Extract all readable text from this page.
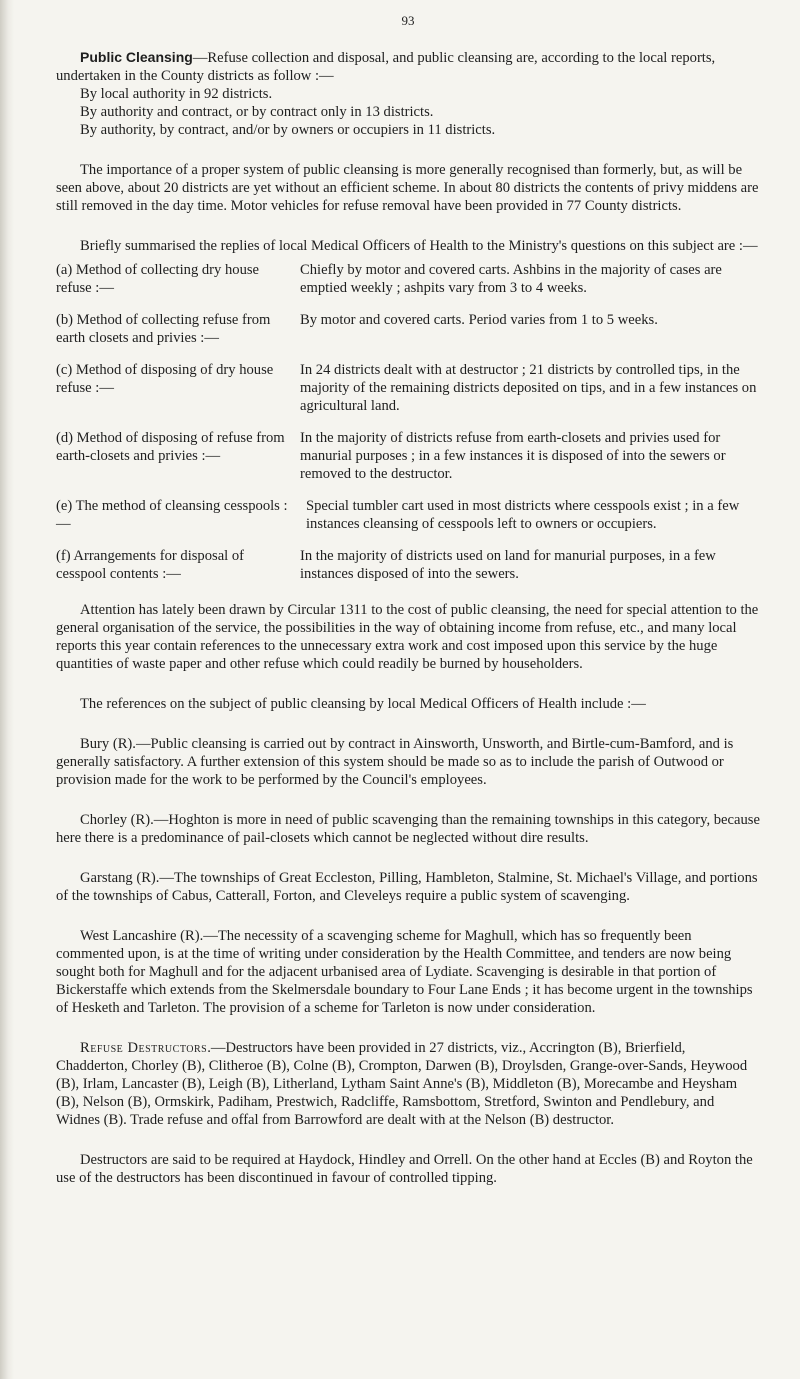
93

Public Cleansing—Refuse collection and disposal, and public cleansing are, according to the local reports, undertaken in the County districts as follow :—

By local authority in 92 districts.
By authority and contract, or by contract only in 13 districts.
By authority, by contract, and/or by owners or occupiers in 11 districts.

The importance of a proper system of public cleansing is more generally recognised than formerly, but, as will be seen above, about 20 districts are yet without an efficient scheme. In about 80 districts the contents of privy middens are still removed in the day time. Motor vehicles for refuse removal have been provided in 77 County districts.

Briefly summarised the replies of local Medical Officers of Health to the Ministry's questions on this subject are :—

(a) Method of collecting dry house refuse :—
Chiefly by motor and covered carts. Ashbins in the majority of cases are emptied weekly ; ashpits vary from 3 to 4 weeks.
(b) Method of collecting refuse from earth closets and privies :—
By motor and covered carts. Period varies from 1 to 5 weeks.
(c) Method of disposing of dry house refuse :—
In 24 districts dealt with at destructor ; 21 districts by controlled tips, in the majority of the remaining districts deposited on tips, and in a few instances on agricultural land.
(d) Method of disposing of refuse from earth-closets and privies :—
In the majority of districts refuse from earth-closets and privies used for manurial purposes ; in a few instances it is disposed of into the sewers or removed to the destructor.
(e) The method of cleansing cesspools :—
Special tumbler cart used in most districts where cesspools exist ; in a few instances cleansing of cesspools left to owners or occupiers.
(f) Arrangements for disposal of cesspool contents :—
In the majority of districts used on land for manurial purposes, in a few instances disposed of into the sewers.

Attention has lately been drawn by Circular 1311 to the cost of public cleansing, the need for special attention to the general organisation of the service, the possibilities in the way of obtaining income from refuse, etc., and many local reports this year contain references to the unnecessary extra work and cost imposed upon this service by the huge quantities of waste paper and other refuse which could readily be burned by householders.

The references on the subject of public cleansing by local Medical Officers of Health include :—

Bury (R).—Public cleansing is carried out by contract in Ainsworth, Unsworth, and Birtle-cum-Bamford, and is generally satisfactory. A further extension of this system should be made so as to include the parish of Outwood or provision made for the work to be performed by the Council's employees.

Chorley (R).—Hoghton is more in need of public scavenging than the remaining townships in this category, because here there is a predominance of pail-closets which cannot be neglected without dire results.

Garstang (R).—The townships of Great Eccleston, Pilling, Hambleton, Stalmine, St. Michael's Village, and portions of the townships of Cabus, Catterall, Forton, and Cleveleys require a public system of scavenging.

West Lancashire (R).—The necessity of a scavenging scheme for Maghull, which has so frequently been commented upon, is at the time of writing under consideration by the Health Committee, and tenders are now being sought both for Maghull and for the adjacent urbanised area of Lydiate. Scavenging is desirable in that portion of Bickerstaffe which extends from the Skelmersdale boundary to Four Lane Ends ; it has become urgent in the townships of Hesketh and Tarleton. The provision of a scheme for Tarleton is now under consideration.

Refuse Destructors.—Destructors have been provided in 27 districts, viz., Accrington (B), Brierfield, Chadderton, Chorley (B), Clitheroe (B), Colne (B), Crompton, Darwen (B), Droylsden, Grange-over-Sands, Heywood (B), Irlam, Lancaster (B), Leigh (B), Litherland, Lytham Saint Anne's (B), Middleton (B), Morecambe and Heysham (B), Nelson (B), Ormskirk, Padiham, Prestwich, Radcliffe, Ramsbottom, Stretford, Swinton and Pendlebury, and Widnes (B). Trade refuse and offal from Barrowford are dealt with at the Nelson (B) destructor.

Destructors are said to be required at Haydock, Hindley and Orrell. On the other hand at Eccles (B) and Royton the use of the destructors has been discontinued in favour of controlled tipping.
